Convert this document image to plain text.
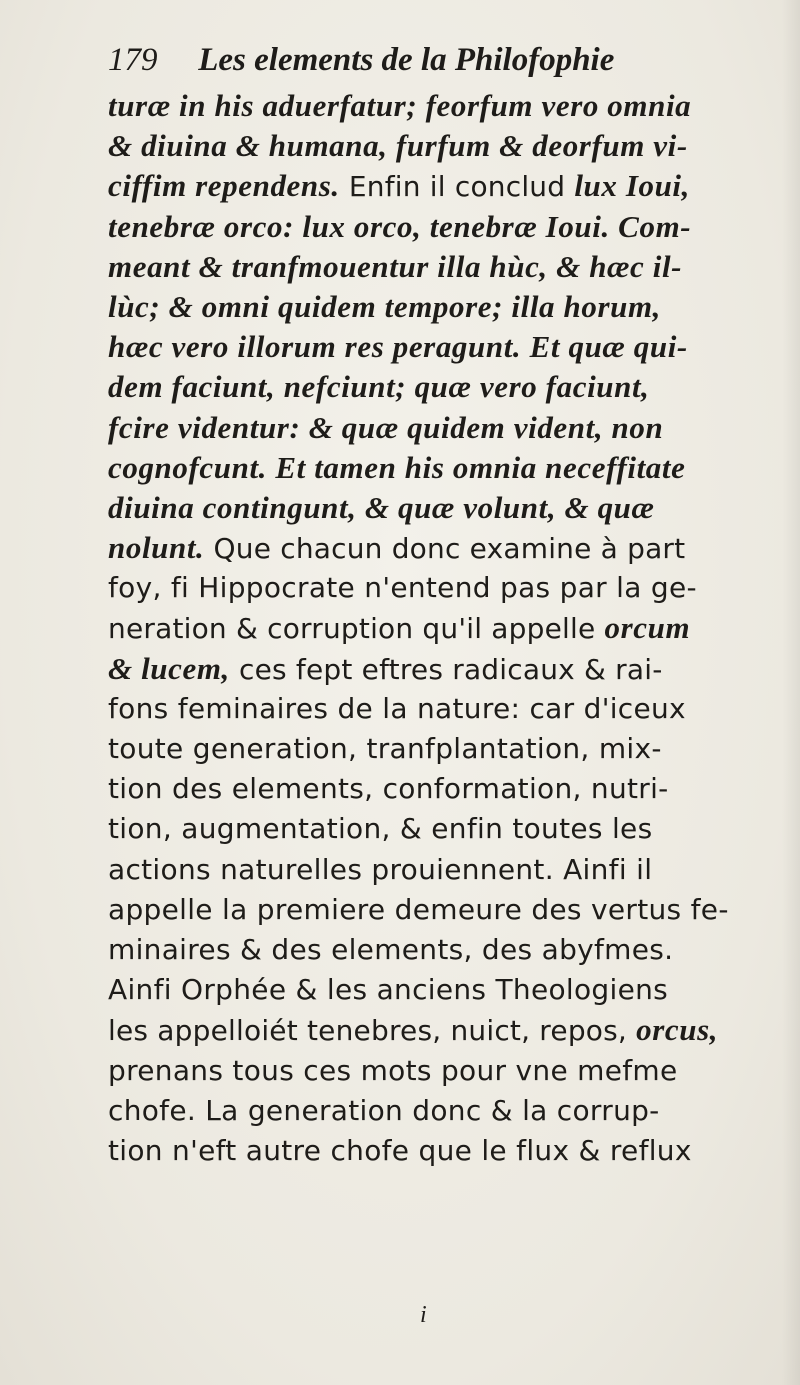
179 Les elements de la Philofophie
turæ in his aduerfatur; feorfum vero omnia
& diuina & humana, furfum & deorfum vi-
ciffim rependens. Enfin il conclud lux Ioui,
tenebræ orco: lux orco, tenebræ Ioui. Com-
meant & tranfmouentur illa hùc, & hæc il-
lùc; & omni quidem tempore; illa horum,
hæc vero illorum res peragunt. Et quæ qui-
dem faciunt, nefciunt; quæ vero faciunt,
fcire videntur: & quæ quidem vident, non
cognofcunt. Et tamen his omnia neceffitate
diuina contingunt, & quæ volunt, & quæ
nolunt. Que chacun donc examine à part
foy, fi Hippocrate n'entend pas par la ge-
neration & corruption qu'il appelle orcum
& lucem, ces fept eftres radicaux & rai-
fons feminaires de la nature: car d'iceux
toute generation, tranfplantation, mix-
tion des elements, conformation, nutri-
tion, augmentation, & enfin toutes les
actions naturelles prouiennent. Ainfi il
appelle la premiere demeure des vertus fe-
minaires & des elements, des abyfmes.
Ainfi Orphée & les anciens Theologiens
les appelloiét tenebres, nuict, repos, orcus,
prenans tous ces mots pour vne mefme
chofe. La generation donc & la corrup-
tion n'eft autre chofe que le flux & reflux
i
